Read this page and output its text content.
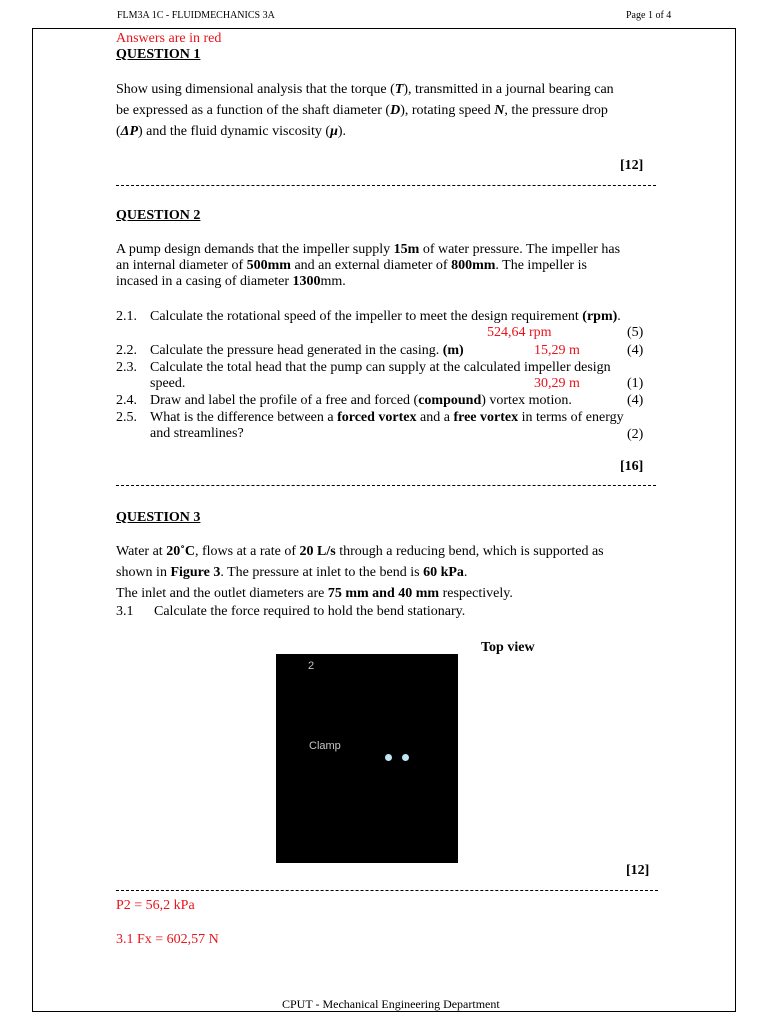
FLM3A 1C - FLUIDMECHANICS 3A	Page 1 of 4
Answers are in red
QUESTION 1
Show using dimensional analysis that the torque (T), transmitted in a journal bearing can
be expressed as a function of the shaft diameter (D), rotating speed N, the pressure drop
(ΔP) and the fluid dynamic viscosity (μ).
[12]
QUESTION 2
A pump design demands that the impeller supply 15m of water pressure. The impeller has
an internal diameter of 500mm and an external diameter of 800mm. The impeller is
incased in a casing of diameter 1300mm.
2.1. Calculate the rotational speed of the impeller to meet the design requirement (rpm).
524,64 rpm	(5)
2.2. Calculate the pressure head generated in the casing. (m)	15,29 m	(4)
2.3. Calculate the total head that the pump can supply at the calculated impeller design
speed.	30,29 m	(1)
2.4. Draw and label the profile of a free and forced (compound) vortex motion.	(4)
2.5. What is the difference between a forced vortex and a free vortex in terms of energy
and streamlines?	(2)
[16]
QUESTION 3
Water at 20˚C, flows at a rate of 20 L/s through a reducing bend, which is supported as
shown in Figure 3. The pressure at inlet to the bend is 60 kPa.
The inlet and the outlet diameters are 75 mm and 40 mm respectively.
3.1 Calculate the force required to hold the bend stationary.
Top view
2
Clamp
[12]
P2 = 56,2 kPa
3.1 Fx = 602,57 N
CPUT - Mechanical Engineering Department
